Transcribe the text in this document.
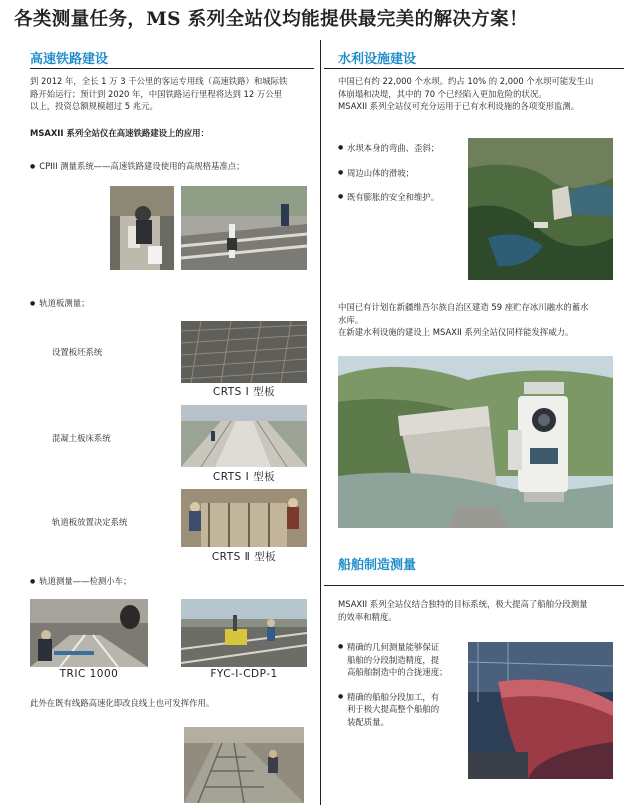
各类测量任务，MS 系列全站仪均能提供最完美的解决方案！
高速铁路建设
到 2012 年，全长 1 万 3 千公里的客运专用线（高速铁路）和城际铁
路开始运行；预计到 2020 年，中国铁路运行里程将达到 12 万公里
以上，投资总额规模超过 5 兆元。
MSAXII 系列全站仪在高速铁路建设上的应用：
● CPIII 测量系统——高速铁路建设使用的高规格基准点；
● 轨道板测量；
设置板坯系统
CRTS Ⅰ 型板
混凝土板床系统
CRTS Ⅰ 型板
轨道板放置决定系统
CRTS Ⅱ 型板
● 轨道测量——检测小车；
TRIC 1000	FYC-Ⅰ-CDP-1
此外在既有线路高速化即改良线上也可发挥作用。
水利设施建设
中国已有约 22,000 个水坝。约占 10% 的 2,000 个水坝可能发生山
体崩塌和决堤，其中的 70 个已经陷入更加危险的状况。
MSAXII 系列全站仪可充分运用于已有水利设施的各项变形监测。
● 水坝本身的弯曲、歪斜；
● 周边山体的滑坡；
● 既有膨胀的安全和维护。
中国已有计划在新疆维吾尔族自治区建造 59 座贮存冰川融水的蓄水
水库。
在新建水利设施的建设上 MSAXII 系列全站仪同样能发挥威力。
船舶制造测量
MSAXII 系列全站仪结合独特的目标系统，极大提高了船舶分段测量
的效率和精度。
● 精确的几何测量能够保证
船舶的分段制造精度，提
高船舶制造中的合拢速度；
● 精确的船舶分段加工，有
利于极大提高整个船舶的
装配质量。
